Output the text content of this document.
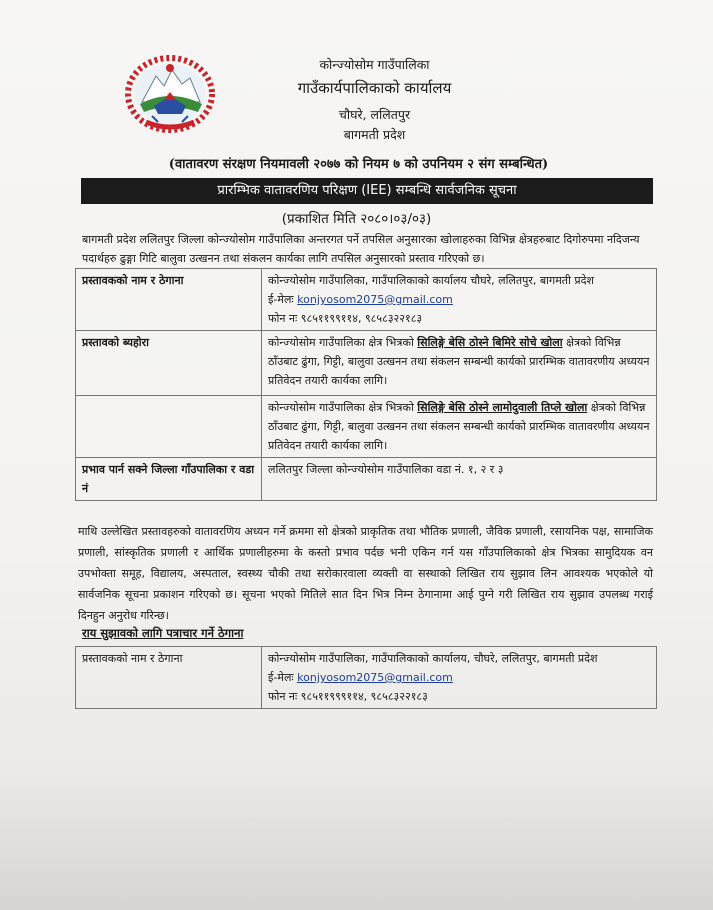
कोन्ज्योसोम गाउँपालिका
गाउँकार्यपालिकाको कार्यालय
चौघरे, ललितपुर
बागमती प्रदेश
(वातावरण संरक्षण नियमावली २०७७ को नियम ७ को उपनियम २ संग सम्बन्धित)
प्रारम्भिक वातावरणिय परिक्षण (IEE) सम्बन्धि सार्वजनिक सूचना
(प्रकाशित मिति २०८०।०३/०३)
बागमती प्रदेश ललितपुर जिल्ला कोन्ज्योसोम गाउँपालिका अन्तरगत पर्ने तपसिल अनुसारका खोलाहरुका विभिन्न क्षेत्रहरुबाट दिगोरुपमा नदिजन्य पदार्थहरु ढुङ्गा गिटि बालुवा उत्खनन तथा संकलन कार्यका लागि तपसिल अनुसारको प्रस्ताव गरिएको छ।
प्रस्तावकको नाम र ठेगाना	कोन्ज्योसोम गाउँपालिका, गाउँपालिकाको कार्यालय चौघरे, ललितपुर, बागमती प्रदेश
ई-मेलः konjyosom2075@gmail.com
फोन नः ९८५११९९११४, ९८५८३२२१८३

प्रस्तावको ब्यहोरा	कोन्ज्योसोम गाउँपालिका क्षेत्र भित्रको सिलिङ्गे बेसि ठोस्ने बिमिरे सोचे खोला क्षेत्रको विभिन्न ठाँउबाट ढुंगा, गिट्टी, बालुवा उत्खनन तथा संकलन सम्बन्धी कार्यको प्रारम्भिक वातावरणीय अध्ययन प्रतिवेदन तयारी कार्यका लागि।
	कोन्ज्योसोम गाउँपालिका क्षेत्र भित्रको सिलिङ्गे बेसि ठोस्ने लामोदुवाली तिप्ले खोला क्षेत्रको विभिन्न ठाँउबाट ढुंगा, गिट्टी, बालुवा उत्खनन तथा संकलन सम्बन्धी कार्यको प्रारम्भिक वातावरणीय अध्ययन प्रतिवेदन तयारी कार्यका लागि।
प्रभाव पार्न सक्ने जिल्ला गाँउपालिका र वडा नं	ललितपुर जिल्ला कोन्ज्योसोम गाउँपालिका वडा नं. १, २ र ३
माथि उल्लेखित प्रस्तावहरुको वातावरणिय अध्यन गर्ने क्रममा सो क्षेत्रको प्राकृतिक तथा भौतिक प्रणाली, जैविक प्रणाली, रसायनिक पक्ष, सामाजिक प्रणाली, सांस्कृतिक प्रणाली र आर्थिक प्रणालीहरुमा के कस्तो प्रभाव पर्दछ भनी एकिन गर्न यस गाँउपालिकाको क्षेत्र भित्रका सामुदियक वन उपभोक्ता समूह, विद्यालय, अस्पताल, स्वस्थ्य चौकी तथा सरोकारवाला व्यक्ती वा सस्थाको लिखित राय सुझाव लिन आवश्यक भएकोले यो सार्वजनिक सूचना प्रकाशन गरिएको छ। सूचना भएको मितिले सात दिन भित्र निम्न ठेगानामा आई पुग्ने गरी लिखित राय सुझाव उपलब्ध गराई दिनहुन अनुरोध गरिन्छ।
राय सुझावको लागि पत्राचार गर्ने ठेगाना
प्रस्तावकको नाम र ठेगाना	कोन्ज्योसोम गाउँपालिका, गाउँपालिकाको कार्यालय, चौघरे, ललितपुर, बागमती प्रदेश
ई-मेलः konjyosom2075@gmail.com
फोन नः ९८५११९९९११४, ९८५८३२२१८३
